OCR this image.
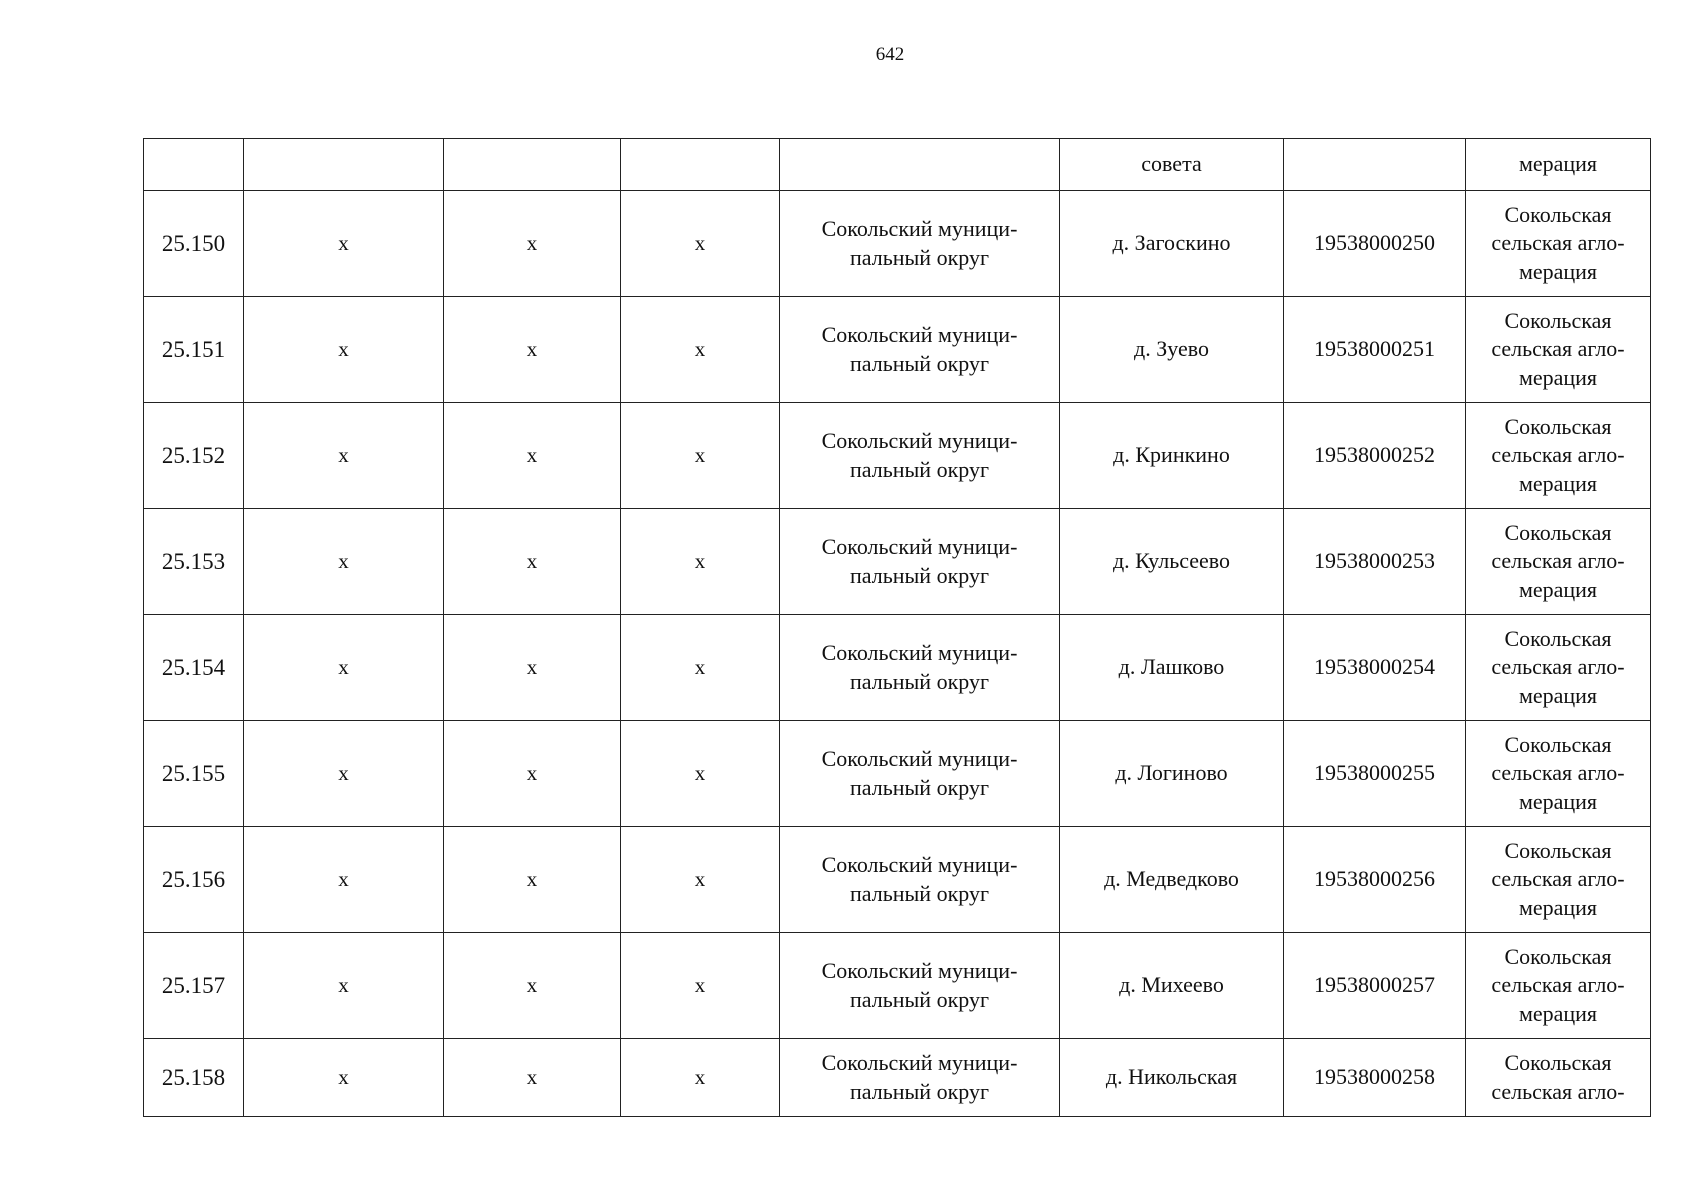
642
					совета		мерация
25.150	х	х	х	Сокольский муници-пальный округ	д. Загоскино	19538000250	Сокольская сельская агло-мерация
25.151	х	х	х	Сокольский муници-пальный округ	д. Зуево	19538000251	Сокольская сельская агло-мерация
25.152	х	х	х	Сокольский муници-пальный округ	д. Кринкино	19538000252	Сокольская сельская агло-мерация
25.153	х	х	х	Сокольский муници-пальный округ	д. Кульсеево	19538000253	Сокольская сельская агло-мерация
25.154	х	х	х	Сокольский муници-пальный округ	д. Лашково	19538000254	Сокольская сельская агло-мерация
25.155	х	х	х	Сокольский муници-пальный округ	д. Логиново	19538000255	Сокольская сельская агло-мерация
25.156	х	х	х	Сокольский муници-пальный округ	д. Медведково	19538000256	Сокольская сельская агло-мерация
25.157	х	х	х	Сокольский муници-пальный округ	д. Михеево	19538000257	Сокольская сельская агло-мерация
25.158	х	х	х	Сокольский муници-пальный округ	д. Никольская	19538000258	Сокольская сельская агло-
